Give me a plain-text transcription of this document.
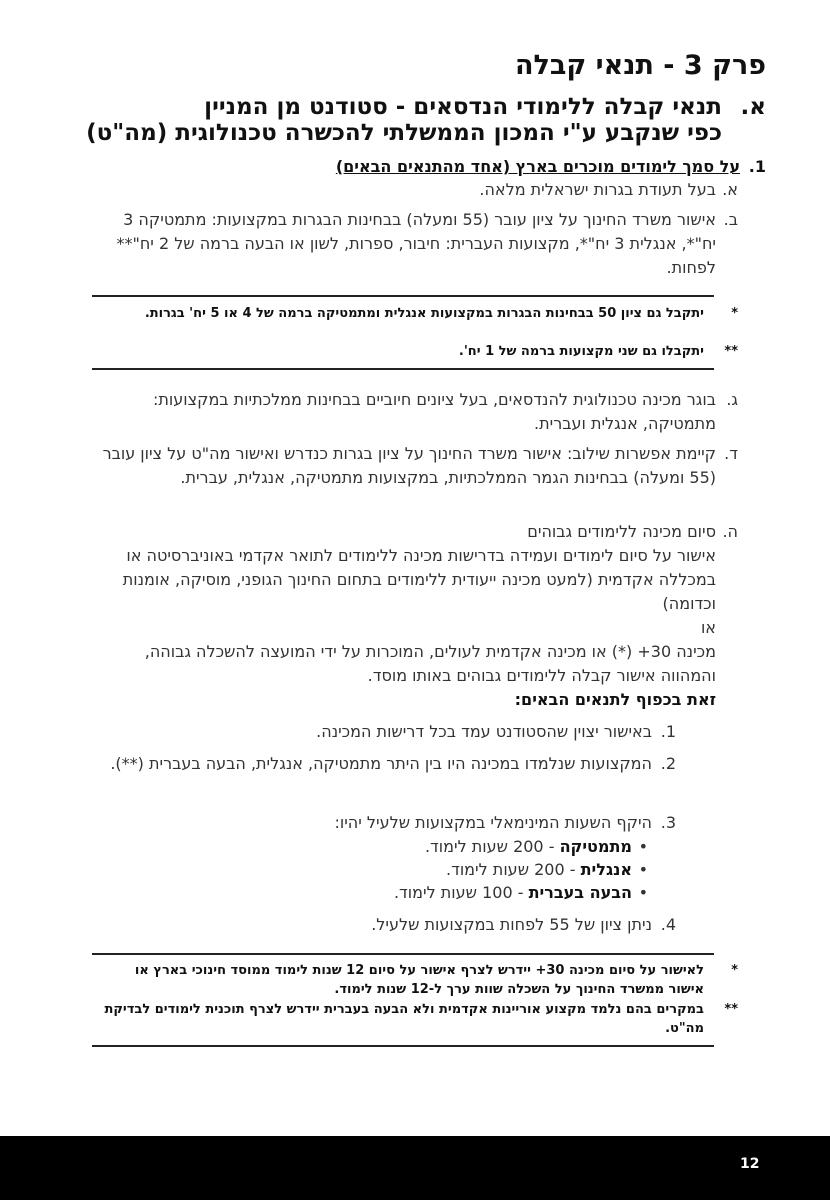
פרק 3 - תנאי קבלה
א.
תנאי קבלה ללימודי הנדסאים - סטודנט מן המניין
כפי שנקבע ע"י המכון הממשלתי להכשרה טכנולוגית (מה"ט)
1.
על סמך לימודים מוכרים בארץ (אחד מהתנאים הבאים)
א.
בעל תעודת בגרות ישראלית מלאה.
ב.
אישור משרד החינוך על ציון עובר (55 ומעלה) בבחינות הבגרות במקצועות: מתמטיקה 3 יח"*, אנגלית 3 יח"*, מקצועות העברית: חיבור, ספרות, לשון או הבעה ברמה של 2 יח"** לפחות.
*
יתקבל גם ציון 50 בבחינות הבגרות במקצועות אנגלית ומתמטיקה ברמה של 4 או 5 יח' בגרות.
**
יתקבלו גם שני מקצועות ברמה של 1 יח'.
ג.
בוגר מכינה טכנולוגית להנדסאים, בעל ציונים חיוביים בבחינות ממלכתיות במקצועות: מתמטיקה, אנגלית ועברית.
ד.
קיימת אפשרות שילוב: אישור משרד החינוך על ציון בגרות כנדרש ואישור מה"ט על ציון עובר (55 ומעלה) בבחינות הגמר הממלכתיות, במקצועות מתמטיקה, אנגלית, עברית.
ה.
סיום מכינה ללימודים גבוהים
אישור על סיום לימודים ועמידה בדרישות מכינה ללימודים לתואר אקדמי באוניברסיטה או במכללה אקדמית (למעט מכינה ייעודית ללימודים בתחום החינוך הגופני, מוסיקה, אומנות וכדומה)
או
מכינה 30+ (*) או מכינה אקדמית לעולים, המוכרות על ידי המועצה להשכלה גבוהה, והמהווה אישור קבלה ללימודים גבוהים באותו מוסד.
זאת בכפוף לתנאים הבאים:
1.
באישור יצוין שהסטודנט עמד בכל דרישות המכינה.
2.
המקצועות שנלמדו במכינה היו בין היתר מתמטיקה, אנגלית, הבעה בעברית (**).
3.
היקף השעות המינימאלי במקצועות שלעיל יהיו:
•
מתמטיקה - 200 שעות לימוד.
•
אנגלית - 200 שעות לימוד.
•
הבעה בעברית - 100 שעות לימוד.
4.
ניתן ציון של 55 לפחות במקצועות שלעיל.
*
לאישור על סיום מכינה 30+ יידרש לצרף אישור על סיום 12 שנות לימוד ממוסד חינוכי בארץ או אישור ממשרד החינוך על השכלה שוות ערך ל-12 שנות לימוד.
**
במקרים בהם נלמד מקצוע אוריינות אקדמית ולא הבעה בעברית יידרש לצרף תוכנית לימודים לבדיקת מה"ט.
12
